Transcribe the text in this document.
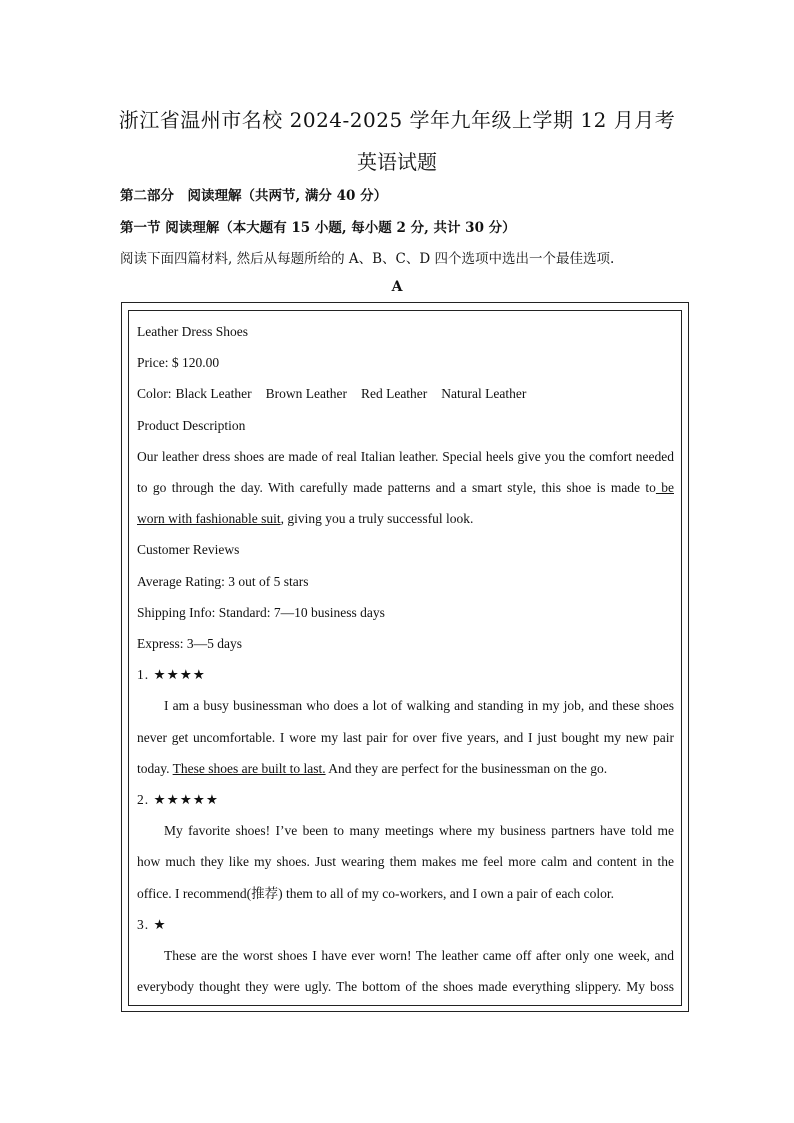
浙江省温州市名校 2024-2025 学年九年级上学期 12 月月考
英语试题
第二部分　阅读理解（共两节, 满分 40 分）
第一节 阅读理解（本大题有 15 小题, 每小题 2 分, 共计 30 分）
阅读下面四篇材料, 然后从每题所给的 A、B、C、D 四个选项中选出一个最佳选项.
A
Leather Dress Shoes
Price: $ 120.00
Color: Black Leather Brown Leather Red Leather Natural Leather
Product Description
Our leather dress shoes are made of real Italian leather. Special heels give you the comfort needed
to go through the day. With carefully made patterns and a smart style, this shoe is made to be
worn with fashionable suit, giving you a truly successful look.
Customer Reviews
Average Rating: 3 out of 5 stars
Shipping Info: Standard: 7—10 business days
Express: 3—5 days
1. ★★★★
I am a busy businessman who does a lot of walking and standing in my job, and these shoes
never get uncomfortable. I wore my last pair for over five years, and I just bought my new pair
today. These shoes are built to last. And they are perfect for the businessman on the go.
2. ★★★★★
My favorite shoes! I’ve been to many meetings where my business partners have told me
how much they like my shoes. Just wearing them makes me feel more calm and content in the
office. I recommend(推荐) them to all of my co-workers, and I own a pair of each color.
3. ★
These are the worst shoes I have ever worn! The leather came off after only one week, and
everybody thought they were ugly. The bottom of the shoes made everything slippery. My boss
